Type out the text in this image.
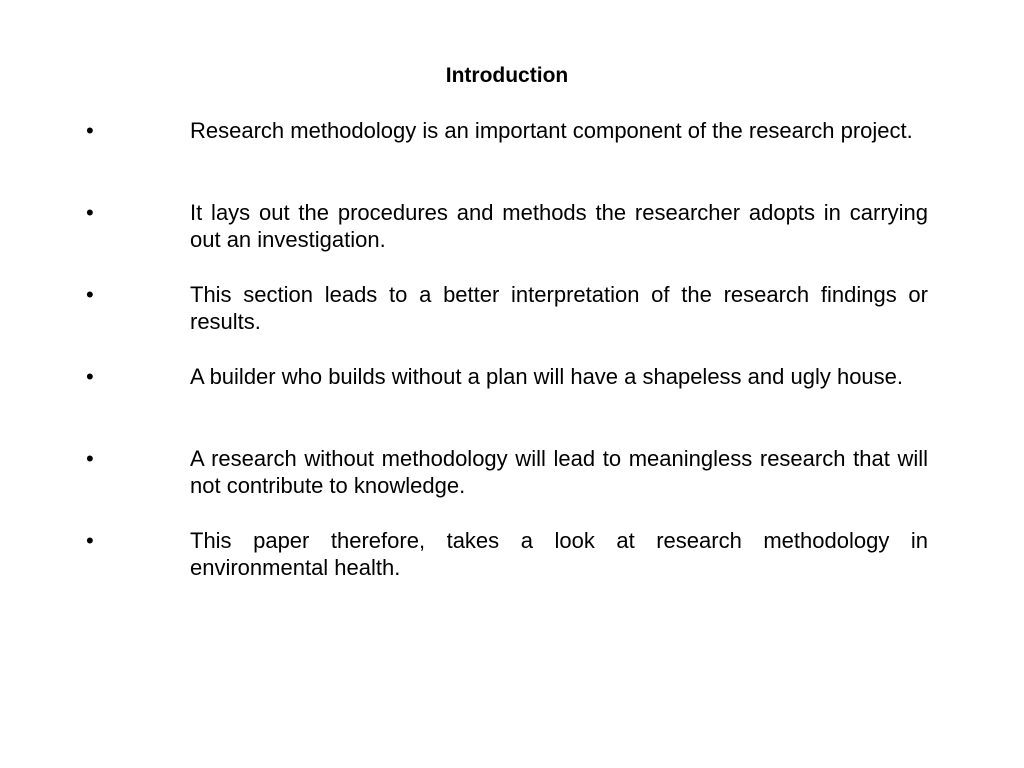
Introduction
•	Research methodology is an important component of the research project.
•	It lays out the procedures and methods the researcher adopts in carrying out an investigation.
•	This section leads to a better interpretation of the research findings or results.
•	A builder who builds without a plan will have a shapeless and ugly house.
•	A research without methodology will lead to meaningless research that will not contribute to knowledge.
•	This paper therefore, takes a look at research methodology in environmental health.
